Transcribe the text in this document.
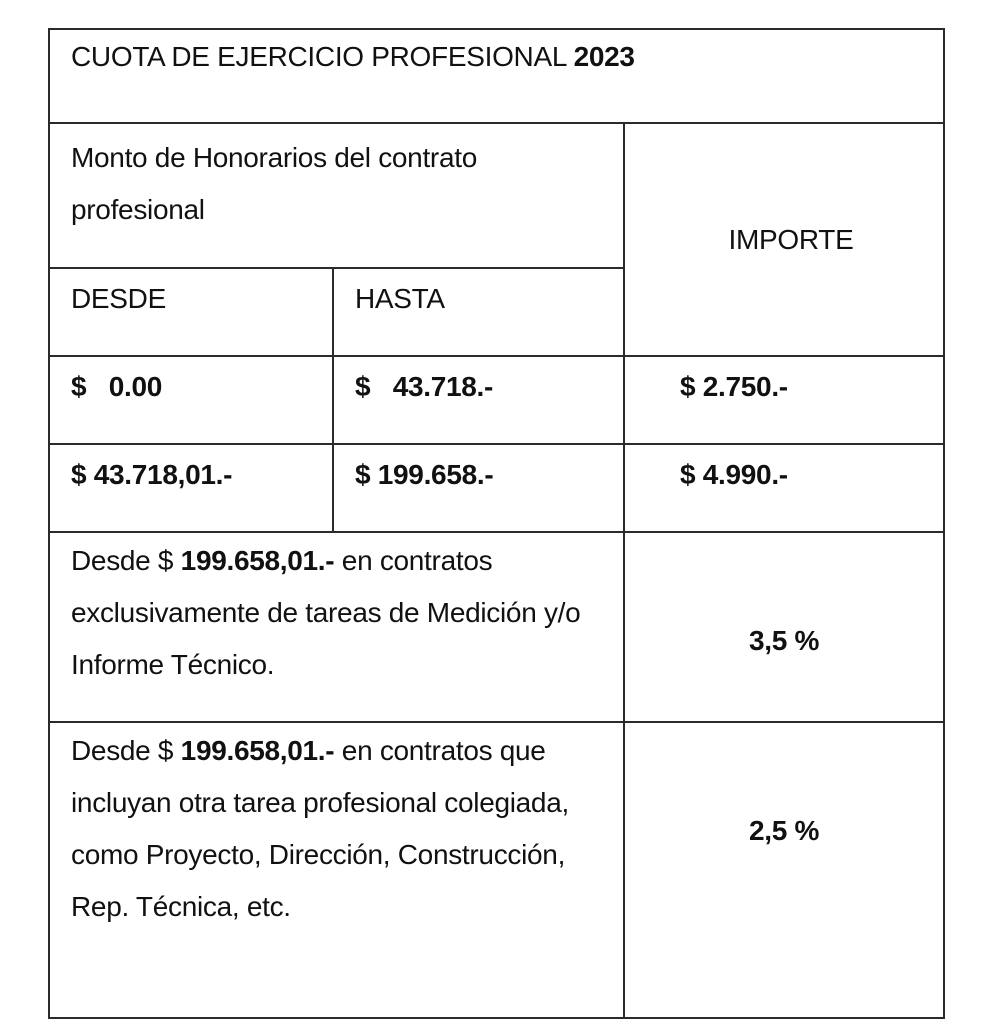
CUOTA DE EJERCICIO PROFESIONAL 2023		
Monto de Honorarios del contrato profesional		IMPORTE
DESDE	HASTA	
$   0.00	$   43.718.-	$ 2.750.-
$ 43.718,01.-	$ 199.658.-	$ 4.990.-
Desde $ 199.658,01.- en contratos exclusivamente de tareas de Medición y/o Informe Técnico.		3,5 %
Desde $ 199.658,01.- en contratos que incluyan otra tarea profesional colegiada, como Proyecto, Dirección, Construcción, Rep. Técnica, etc.		2,5 %
